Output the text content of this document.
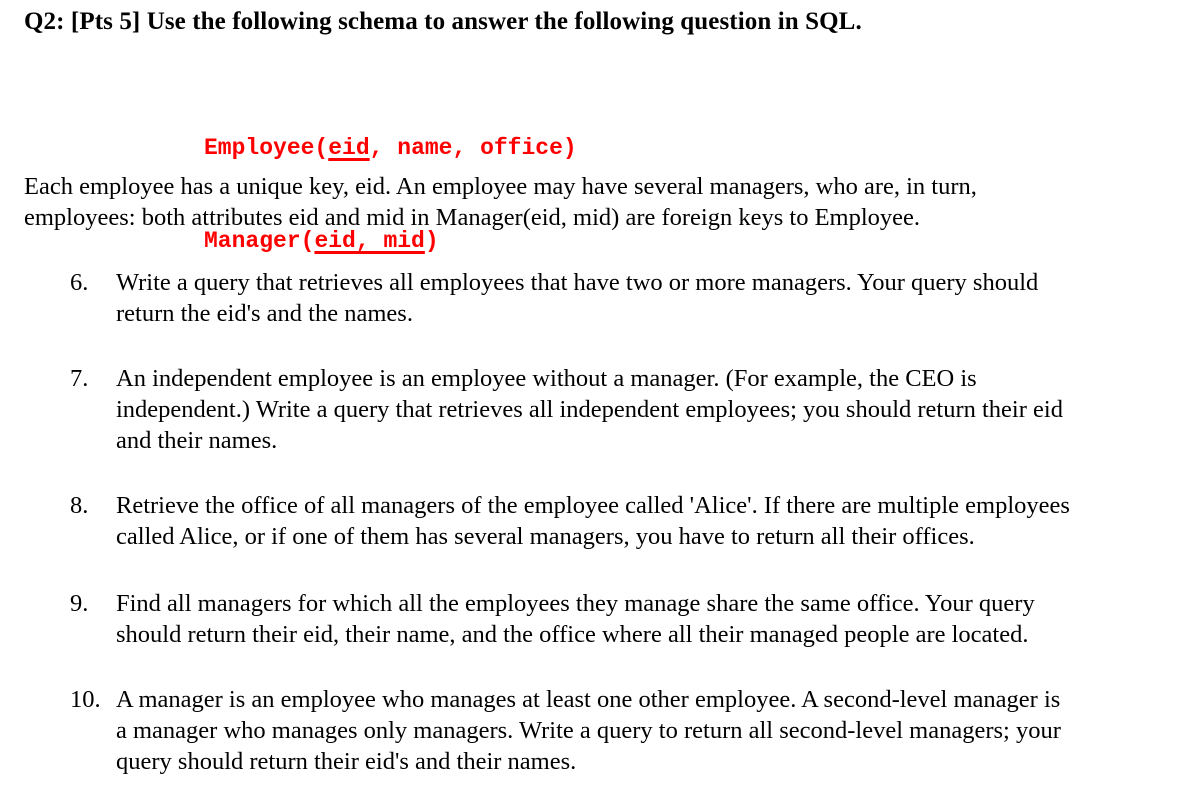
Q2: [Pts 5] Use the following schema to answer the following question in SQL.

Employee(eid, name, office)

Manager(eid, mid)

Each employee has a unique key, eid. An employee may have several managers, who are, in turn,

employees: both attributes eid and mid in Manager(eid, mid) are foreign keys to Employee.

6. Write a query that retrieves all employees that have two or more managers. Your query should

return the eid's and the names.

7. An independent employee is an employee without a manager. (For example, the CEO is

independent.) Write a query that retrieves all independent employees; you should return their eid

and their names.

8. Retrieve the office of all managers of the employee called 'Alice'. If there are multiple employees

called Alice, or if one of them has several managers, you have to return all their offices.

9. Find all managers for which all the employees they manage share the same office. Your query

should return their eid, their name, and the office where all their managed people are located.

10. A manager is an employee who manages at least one other employee. A second-level manager is

a manager who manages only managers. Write a query to return all second-level managers; your

query should return their eid's and their names.
